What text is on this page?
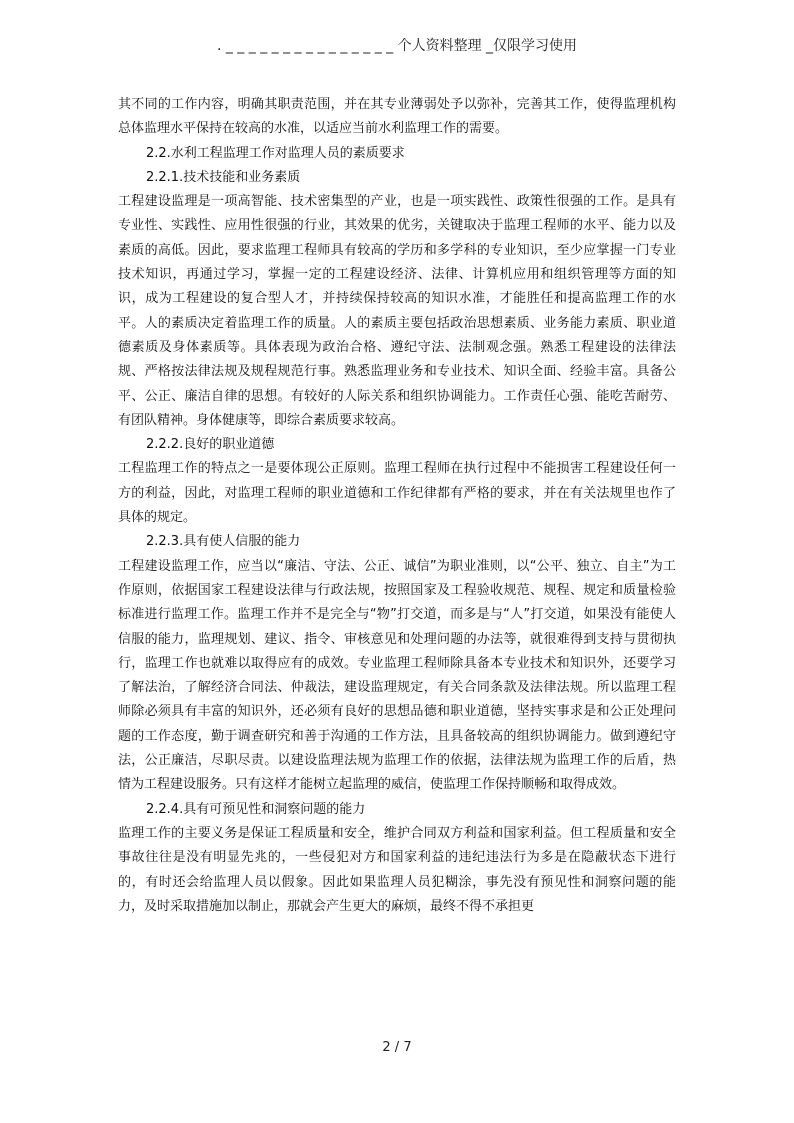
. _ _ _ _ _ _ _ _ _ _ _ _ _ _ _ 个人资料整理 _仅限学习使用

其不同的工作内容，明确其职责范围，并在其专业薄弱处予以弥补，完善其工作，使得监理机构总体监理水平保持在较高的水准，以适应当前水利监理工作的需要。

2.2.水利工程监理工作对监理人员的素质要求

2.2.1.技术技能和业务素质

工程建设监理是一项高智能、技术密集型的产业，也是一项实践性、政策性很强的工作。是具有专业性、实践性、应用性很强的行业，其效果的优劣，关键取决于监理工程师的水平、能力以及素质的高低。因此，要求监理工程师具有较高的学历和多学科的专业知识，至少应掌握一门专业技术知识，再通过学习，掌握一定的工程建设经济、法律、计算机应用和组织管理等方面的知识，成为工程建设的复合型人才，并持续保持较高的知识水准，才能胜任和提高监理工作的水平。人的素质决定着监理工作的质量。人的素质主要包括政治思想素质、业务能力素质、职业道德素质及身体素质等。具体表现为政治合格、遵纪守法、法制观念强。熟悉工程建设的法律法规、严格按法律法规及规程规范行事。熟悉监理业务和专业技术、知识全面、经验丰富。具备公平、公正、廉洁自律的思想。有较好的人际关系和组织协调能力。工作责任心强、能吃苦耐劳、有团队精神。身体健康等，即综合素质要求较高。

2.2.2.良好的职业道德

工程监理工作的特点之一是要体现公正原则。监理工程师在执行过程中不能损害工程建设任何一方的利益，因此，对监理工程师的职业道德和工作纪律都有严格的要求，并在有关法规里也作了具体的规定。

2.2.3.具有使人信服的能力

工程建设监理工作，应当以“廉洁、守法、公正、诚信”为职业准则，以“公平、独立、自主”为工作原则，依据国家工程建设法律与行政法规，按照国家及工程验收规范、规程、规定和质量检验标准进行监理工作。监理工作并不是完全与“物”打交道，而多是与“人”打交道，如果没有能使人信服的能力，监理规划、建议、指令、审核意见和处理问题的办法等，就很难得到支持与贯彻执行，监理工作也就难以取得应有的成效。专业监理工程师除具备本专业技术和知识外，还要学习了解法治，了解经济合同法、仲裁法，建设监理规定，有关合同条款及法律法规。所以监理工程师除必须具有丰富的知识外，还必须有良好的思想品德和职业道德，坚持实事求是和公正处理问题的工作态度，勤于调查研究和善于沟通的工作方法，且具备较高的组织协调能力。做到遵纪守法，公正廉洁，尽职尽责。以建设监理法规为监理工作的依据，法律法规为监理工作的后盾，热情为工程建设服务。只有这样才能树立起监理的威信，使监理工作保持顺畅和取得成效。

2.2.4.具有可预见性和洞察问题的能力

监理工作的主要义务是保证工程质量和安全，维护合同双方利益和国家利益。但工程质量和安全事故往往是没有明显先兆的，一些侵犯对方和国家利益的违纪违法行为多是在隐蔽状态下进行的，有时还会给监理人员以假象。因此如果监理人员犯糊涂，事先没有预见性和洞察问题的能力，及时采取措施加以制止，那就会产生更大的麻烦，最终不得不承担更

2 / 7
